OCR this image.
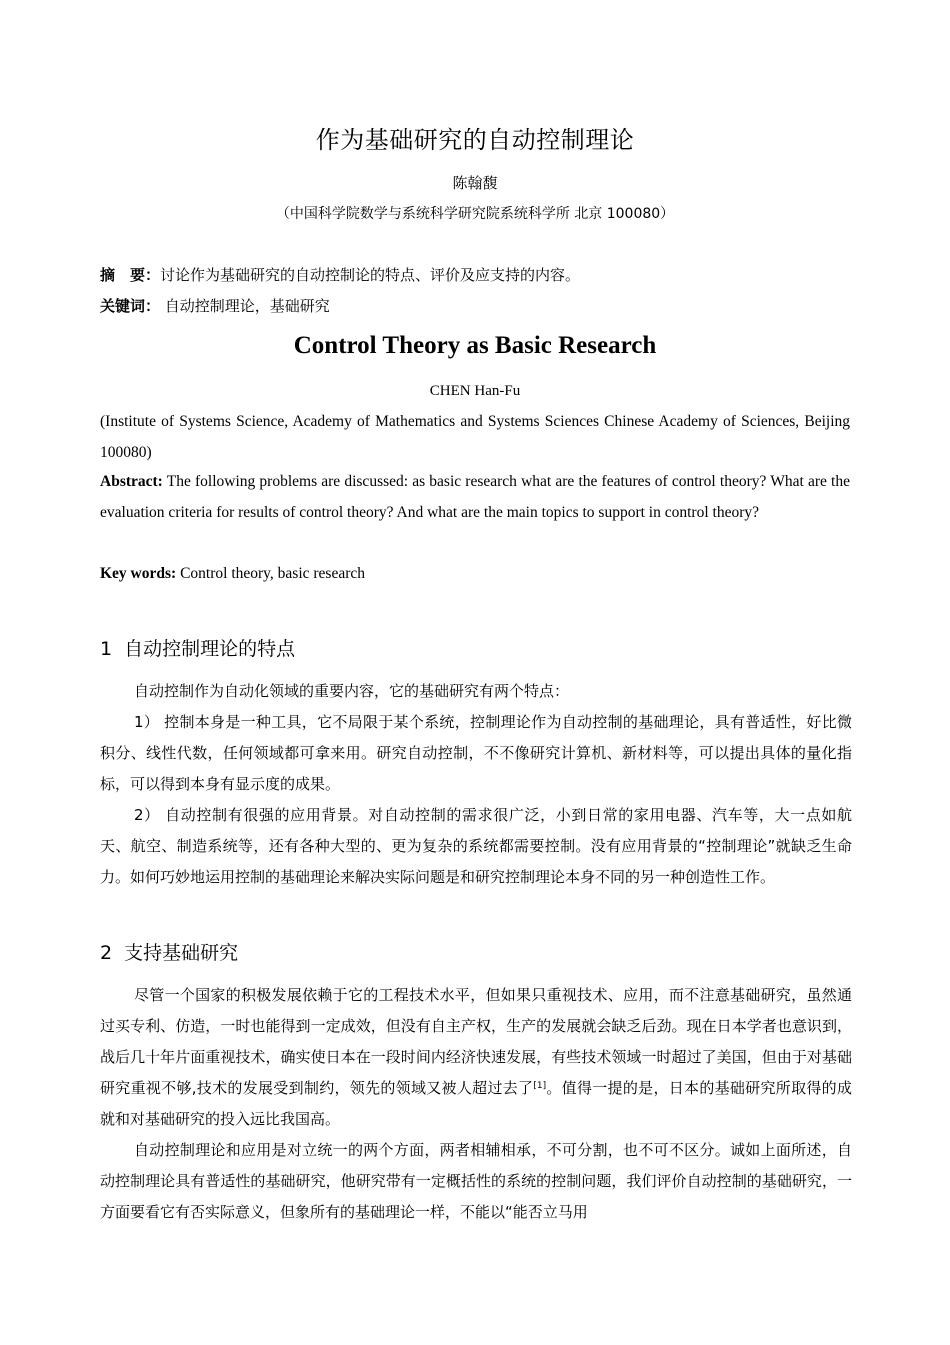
作为基础研究的自动控制理论
陈翰馥
（中国科学院数学与系统科学研究院系统科学所 北京 100080）
摘　要：讨论作为基础研究的自动控制论的特点、评价及应支持的内容。
关键词： 自动控制理论，基础研究
Control Theory as Basic Research
CHEN Han-Fu
(Institute of Systems Science, Academy of Mathematics and Systems Sciences Chinese Academy of Sciences, Beijing 100080)
Abstract: The following problems are discussed: as basic research what are the features of control theory? What are the evaluation criteria for results of control theory? And what are the main topics to support in control theory?
Key words: Control theory, basic research
1 自动控制理论的特点

自动控制作为自动化领域的重要内容，它的基础研究有两个特点：

1） 控制本身是一种工具，它不局限于某个系统，控制理论作为自动控制的基础理论，具有普适性，好比微积分、线性代数，任何领域都可拿来用。研究自动控制，不不像研究计算机、新材料等，可以提出具体的量化指标，可以得到本身有显示度的成果。

2） 自动控制有很强的应用背景。对自动控制的需求很广泛，小到日常的家用电器、汽车等，大一点如航天、航空、制造系统等，还有各种大型的、更为复杂的系统都需要控制。没有应用背景的“控制理论”就缺乏生命力。如何巧妙地运用控制的基础理论来解决实际问题是和研究控制理论本身不同的另一种创造性工作。

2 支持基础研究

尽管一个国家的积极发展依赖于它的工程技术水平，但如果只重视技术、应用，而不注意基础研究，虽然通过买专利、仿造，一时也能得到一定成效，但没有自主产权，生产的发展就会缺乏后劲。现在日本学者也意识到，战后几十年片面重视技术，确实使日本在一段时间内经济快速发展，有些技术领域一时超过了美国，但由于对基础研究重视不够,技术的发展受到制约，领先的领域又被人超过去了[1]。值得一提的是，日本的基础研究所取得的成就和对基础研究的投入远比我国高。

自动控制理论和应用是对立统一的两个方面，两者相辅相承，不可分割，也不可不区分。诚如上面所述，自动控制理论具有普适性的基础研究，他研究带有一定概括性的系统的控制问题，我们评价自动控制的基础研究，一方面要看它有否实际意义，但象所有的基础理论一样，不能以“能否立马用
